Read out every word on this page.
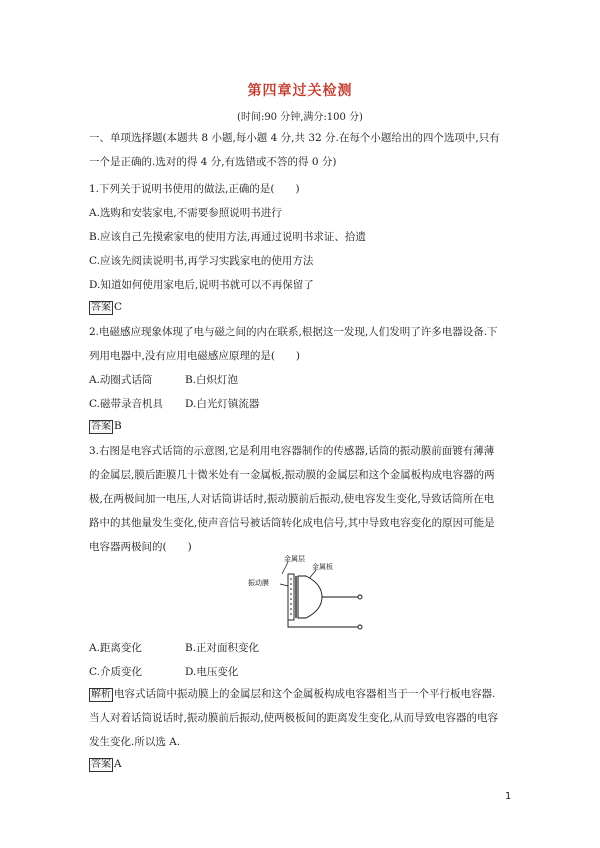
第四章过关检测
(时间:90 分钟,满分:100 分)
一、单项选择题(本题共 8 小题,每小题 4 分,共 32 分.在每个小题给出的四个选项中,只有
一个是正确的.选对的得 4 分,有选错或不答的得 0 分)
1.下列关于说明书使用的做法,正确的是(　　)
A.选购和安装家电,不需要参照说明书进行
B.应该自己先摸索家电的使用方法,再通过说明书求证、拾遗
C.应该先阅读说明书,再学习实践家电的使用方法
D.知道如何使用家电后,说明书就可以不再保留了
答案 C
2.电磁感应现象体现了电与磁之间的内在联系,根据这一发现,人们发明了许多电器设备.下
列用电器中,没有应用电磁感应原理的是(　　)
A.动圈式话筒	B.白炽灯泡
C.磁带录音机具 D.白光灯镇流器
答案 B
3.右图是电容式话筒的示意图,它是利用电容器制作的传感器,话筒的振动膜前面镀有薄薄
的金属层,膜后距膜几十微米处有一金属板,振动膜的金属层和这个金属板构成电容器的两
极,在两极间加一电压,人对话筒讲话时,振动膜前后振动,使电容发生变化,导致话筒所在电
路中的其他量发生变化,使声音信号被话筒转化成电信号,其中导致电容变化的原因可能是
电容器两极间的(　　)
金属层
金属板
振动膜
A.距离变化	B.正对面积变化
C.介质变化	D.电压变化
解析 电容式话筒中振动膜上的金属层和这个金属板构成电容器相当于一个平行板电容器.
当人对着话筒说话时,振动膜前后振动,使两极板间的距离发生变化,从而导致电容器的电容
发生变化.所以选 A.
答案 A
1
